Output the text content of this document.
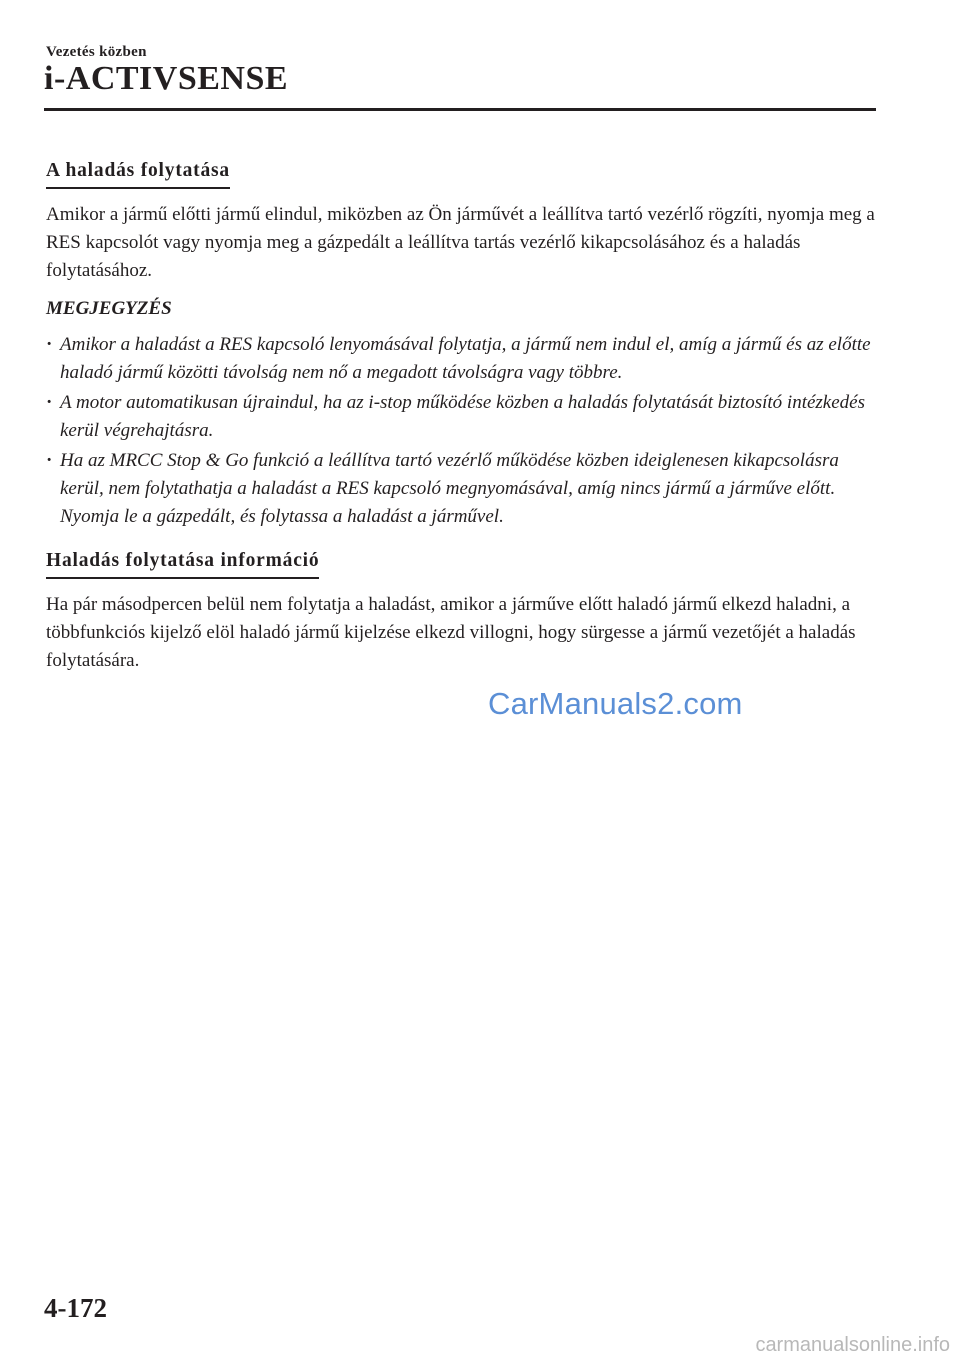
Vezetés közben
i-ACTIVSENSE
A haladás folytatása

Amikor a jármű előtti jármű elindul, miközben az Ön járművét a leállítva tartó vezérlő rögzíti, nyomja meg a RES kapcsolót vagy nyomja meg a gázpedált a leállítva tartás vezérlő kikapcsolásához és a haladás folytatásához.

MEGJEGYZÉS
· Amikor a haladást a RES kapcsoló lenyomásával folytatja, a jármű nem indul el, amíg a jármű és az előtte haladó jármű közötti távolság nem nő a megadott távolságra vagy többre.
· A motor automatikusan újraindul, ha az i-stop működése közben a haladás folytatását biztosító intézkedés kerül végrehajtásra.
· Ha az MRCC Stop & Go funkció a leállítva tartó vezérlő működése közben ideiglenesen kikapcsolásra kerül, nem folytathatja a haladást a RES kapcsoló megnyomásával, amíg nincs jármű a járműve előtt. Nyomja le a gázpedált, és folytassa a haladást a járművel.
Haladás folytatása információ

Ha pár másodpercen belül nem folytatja a haladást, amikor a járműve előtt haladó jármű elkezd haladni, a többfunkciós kijelző elöl haladó jármű kijelzése elkezd villogni, hogy sürgesse a jármű vezetőjét a haladás folytatására.

CarManuals2.com
4-172
carmanualsonline.info
